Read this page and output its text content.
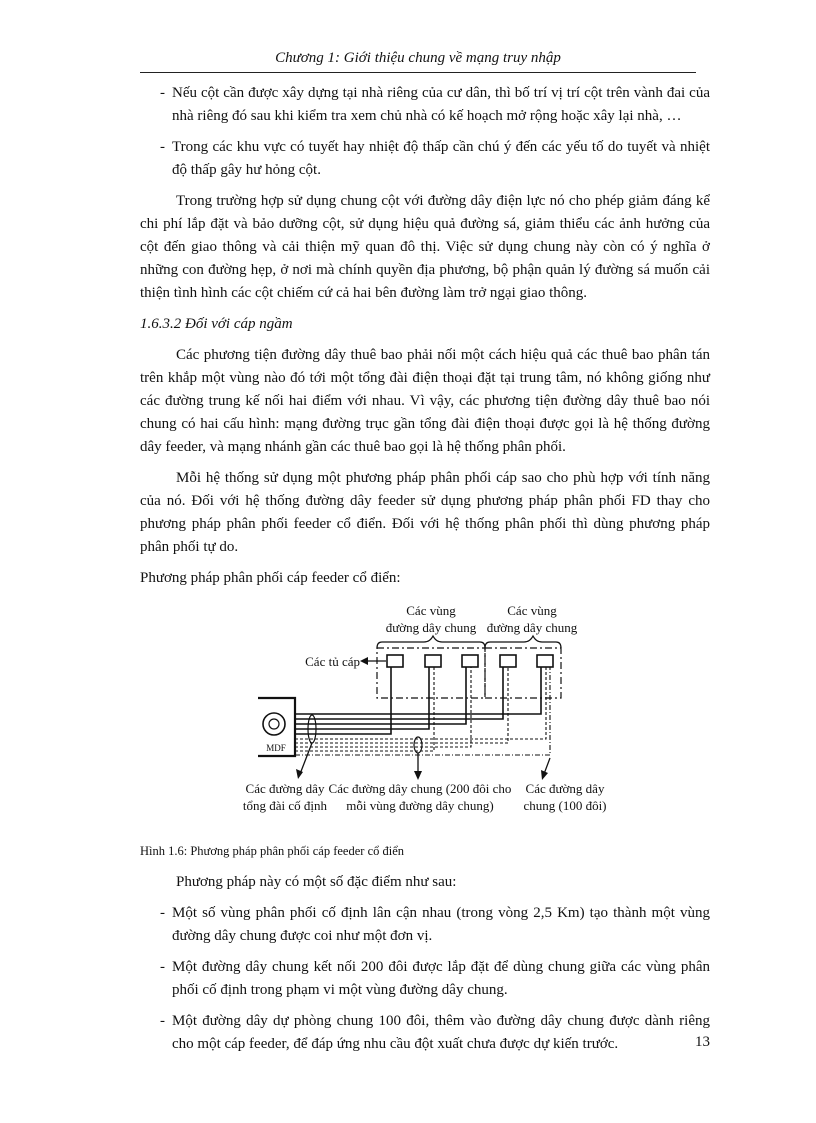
Chương 1: Giới thiệu chung về mạng truy nhập
- Nếu cột cần được xây dựng tại nhà riêng của cư dân, thì bố trí vị trí cột trên vành đai của nhà riêng đó sau khi kiểm tra xem chủ nhà có kế hoạch mở rộng hoặc xây lại nhà, …
- Trong các khu vực có tuyết hay nhiệt độ thấp cần chú ý đến các yếu tố do tuyết và nhiệt độ thấp gây hư hỏng cột.

Trong trường hợp sử dụng chung cột với đường dây điện lực nó cho phép giảm đáng kể chi phí lắp đặt và bảo dưỡng cột, sử dụng hiệu quả đường sá, giảm thiểu các ảnh hưởng của cột đến giao thông và cải thiện mỹ quan đô thị. Việc sử dụng chung này còn có ý nghĩa ở những con đường hẹp, ở nơi mà chính quyền địa phương, bộ phận quản lý đường sá muốn cải thiện tình hình các cột chiếm cứ cả hai bên đường làm trở ngại giao thông.

1.6.3.2 Đối với cáp ngầm

Các phương tiện đường dây thuê bao phải nối một cách hiệu quả các thuê bao phân tán trên khắp một vùng nào đó tới một tổng đài điện thoại đặt tại trung tâm, nó không giống như các đường trung kế nối hai điểm với nhau. Vì vậy, các phương tiện đường dây thuê bao nói chung có hai cấu hình: mạng đường trục gần tổng đài điện thoại được gọi là hệ thống đường dây feeder, và mạng nhánh gần các thuê bao gọi là hệ thống phân phối.

Mỗi hệ thống sử dụng một phương pháp phân phối cáp sao cho phù hợp với tính năng của nó. Đối với hệ thống đường dây feeder sử dụng phương pháp phân phối FD thay cho phương pháp phân phối feeder cổ điển. Đối với hệ thống phân phối thì dùng phương pháp phân phối tự do.

Phương pháp phân phối cáp feeder cổ điển:

Các vùng
đường dây chung
Các vùng
đường dây chung
Các tủ cáp
MDF
Các đường dây
tổng đài cố định
Các đường dây chung (200 đôi cho
mỗi vùng đường dây chung)
Các đường dây
chung (100 đôi)

Hình 1.6: Phương pháp phân phối cáp feeder cổ điển

Phương pháp này có một số đặc điểm như sau:

- Một số vùng phân phối cố định lân cận nhau (trong vòng 2,5 Km) tạo thành một vùng đường dây chung được coi như một đơn vị.
- Một đường dây chung kết nối 200 đôi được lắp đặt để dùng chung giữa các vùng phân phối cố định trong phạm vi một vùng đường dây chung.
- Một đường dây dự phòng chung 100 đôi, thêm vào đường dây chung được dành riêng cho một cáp feeder, để đáp ứng nhu cầu đột xuất chưa được dự kiến trước.	13
